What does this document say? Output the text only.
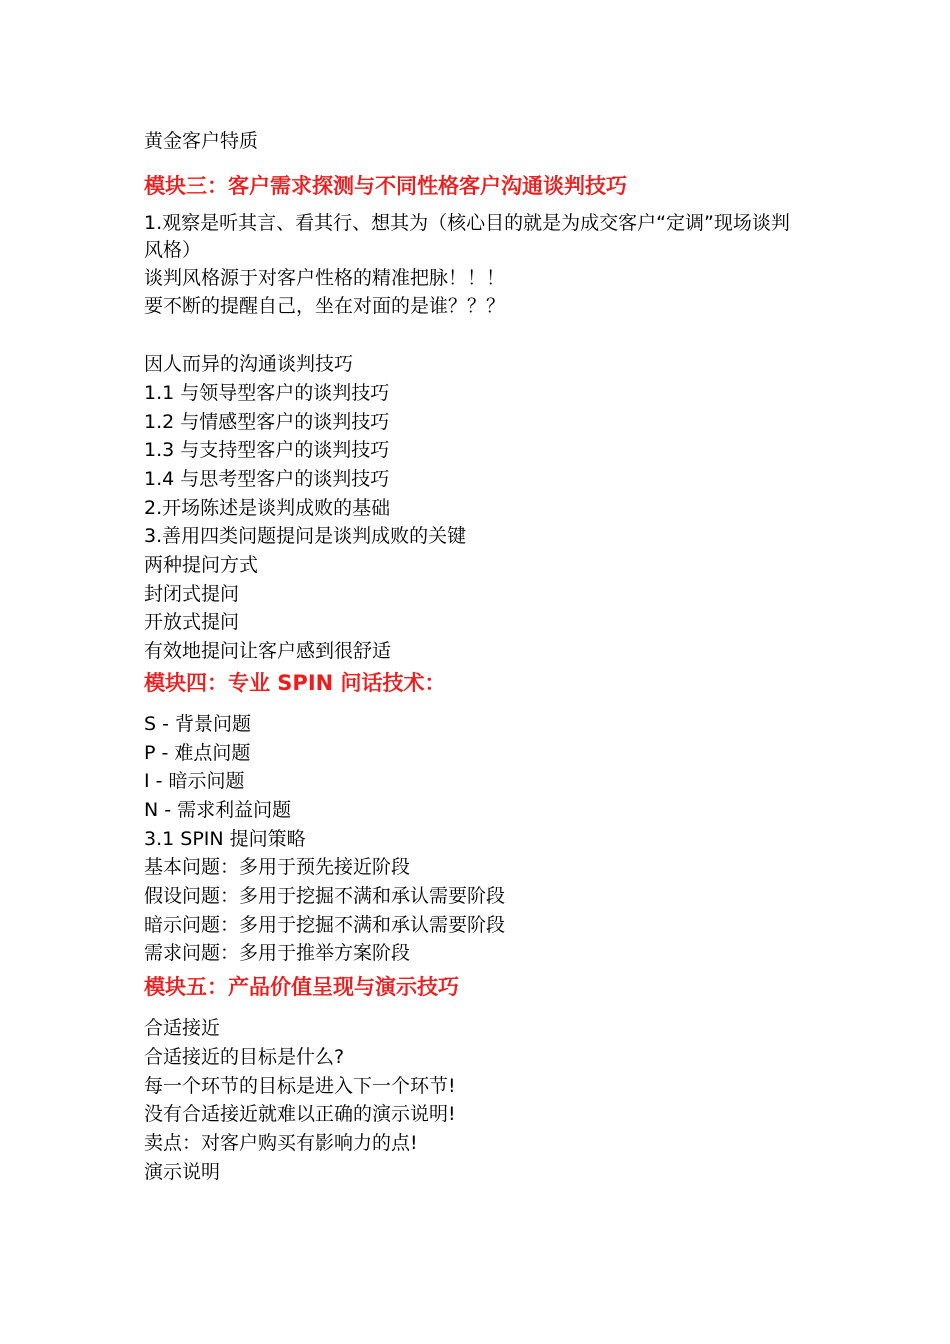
黄金客户特质
模块三：客户需求探测与不同性格客户沟通谈判技巧
1.观察是听其言、看其行、想其为（核心目的就是为成交客户“定调”现场谈判风格）
谈判风格源于对客户性格的精准把脉！！！
要不断的提醒自己，坐在对面的是谁？？？
因人而异的沟通谈判技巧
1.1 与领导型客户的谈判技巧
1.2 与情感型客户的谈判技巧
1.3 与支持型客户的谈判技巧
1.4 与思考型客户的谈判技巧
2.开场陈述是谈判成败的基础
3.善用四类问题提问是谈判成败的关键
两种提问方式
封闭式提问
开放式提问
有效地提问让客户感到很舒适
模块四：专业 SPIN 问话技术：
S - 背景问题
P - 难点问题
I - 暗示问题
N - 需求利益问题
3.1 SPIN 提问策略
基本问题：多用于预先接近阶段
假设问题：多用于挖掘不满和承认需要阶段
暗示问题：多用于挖掘不满和承认需要阶段
需求问题：多用于推举方案阶段
模块五：产品价值呈现与演示技巧
合适接近
合适接近的目标是什么?
每一个环节的目标是进入下一个环节!
没有合适接近就难以正确的演示说明!
卖点：对客户购买有影响力的点!
演示说明
